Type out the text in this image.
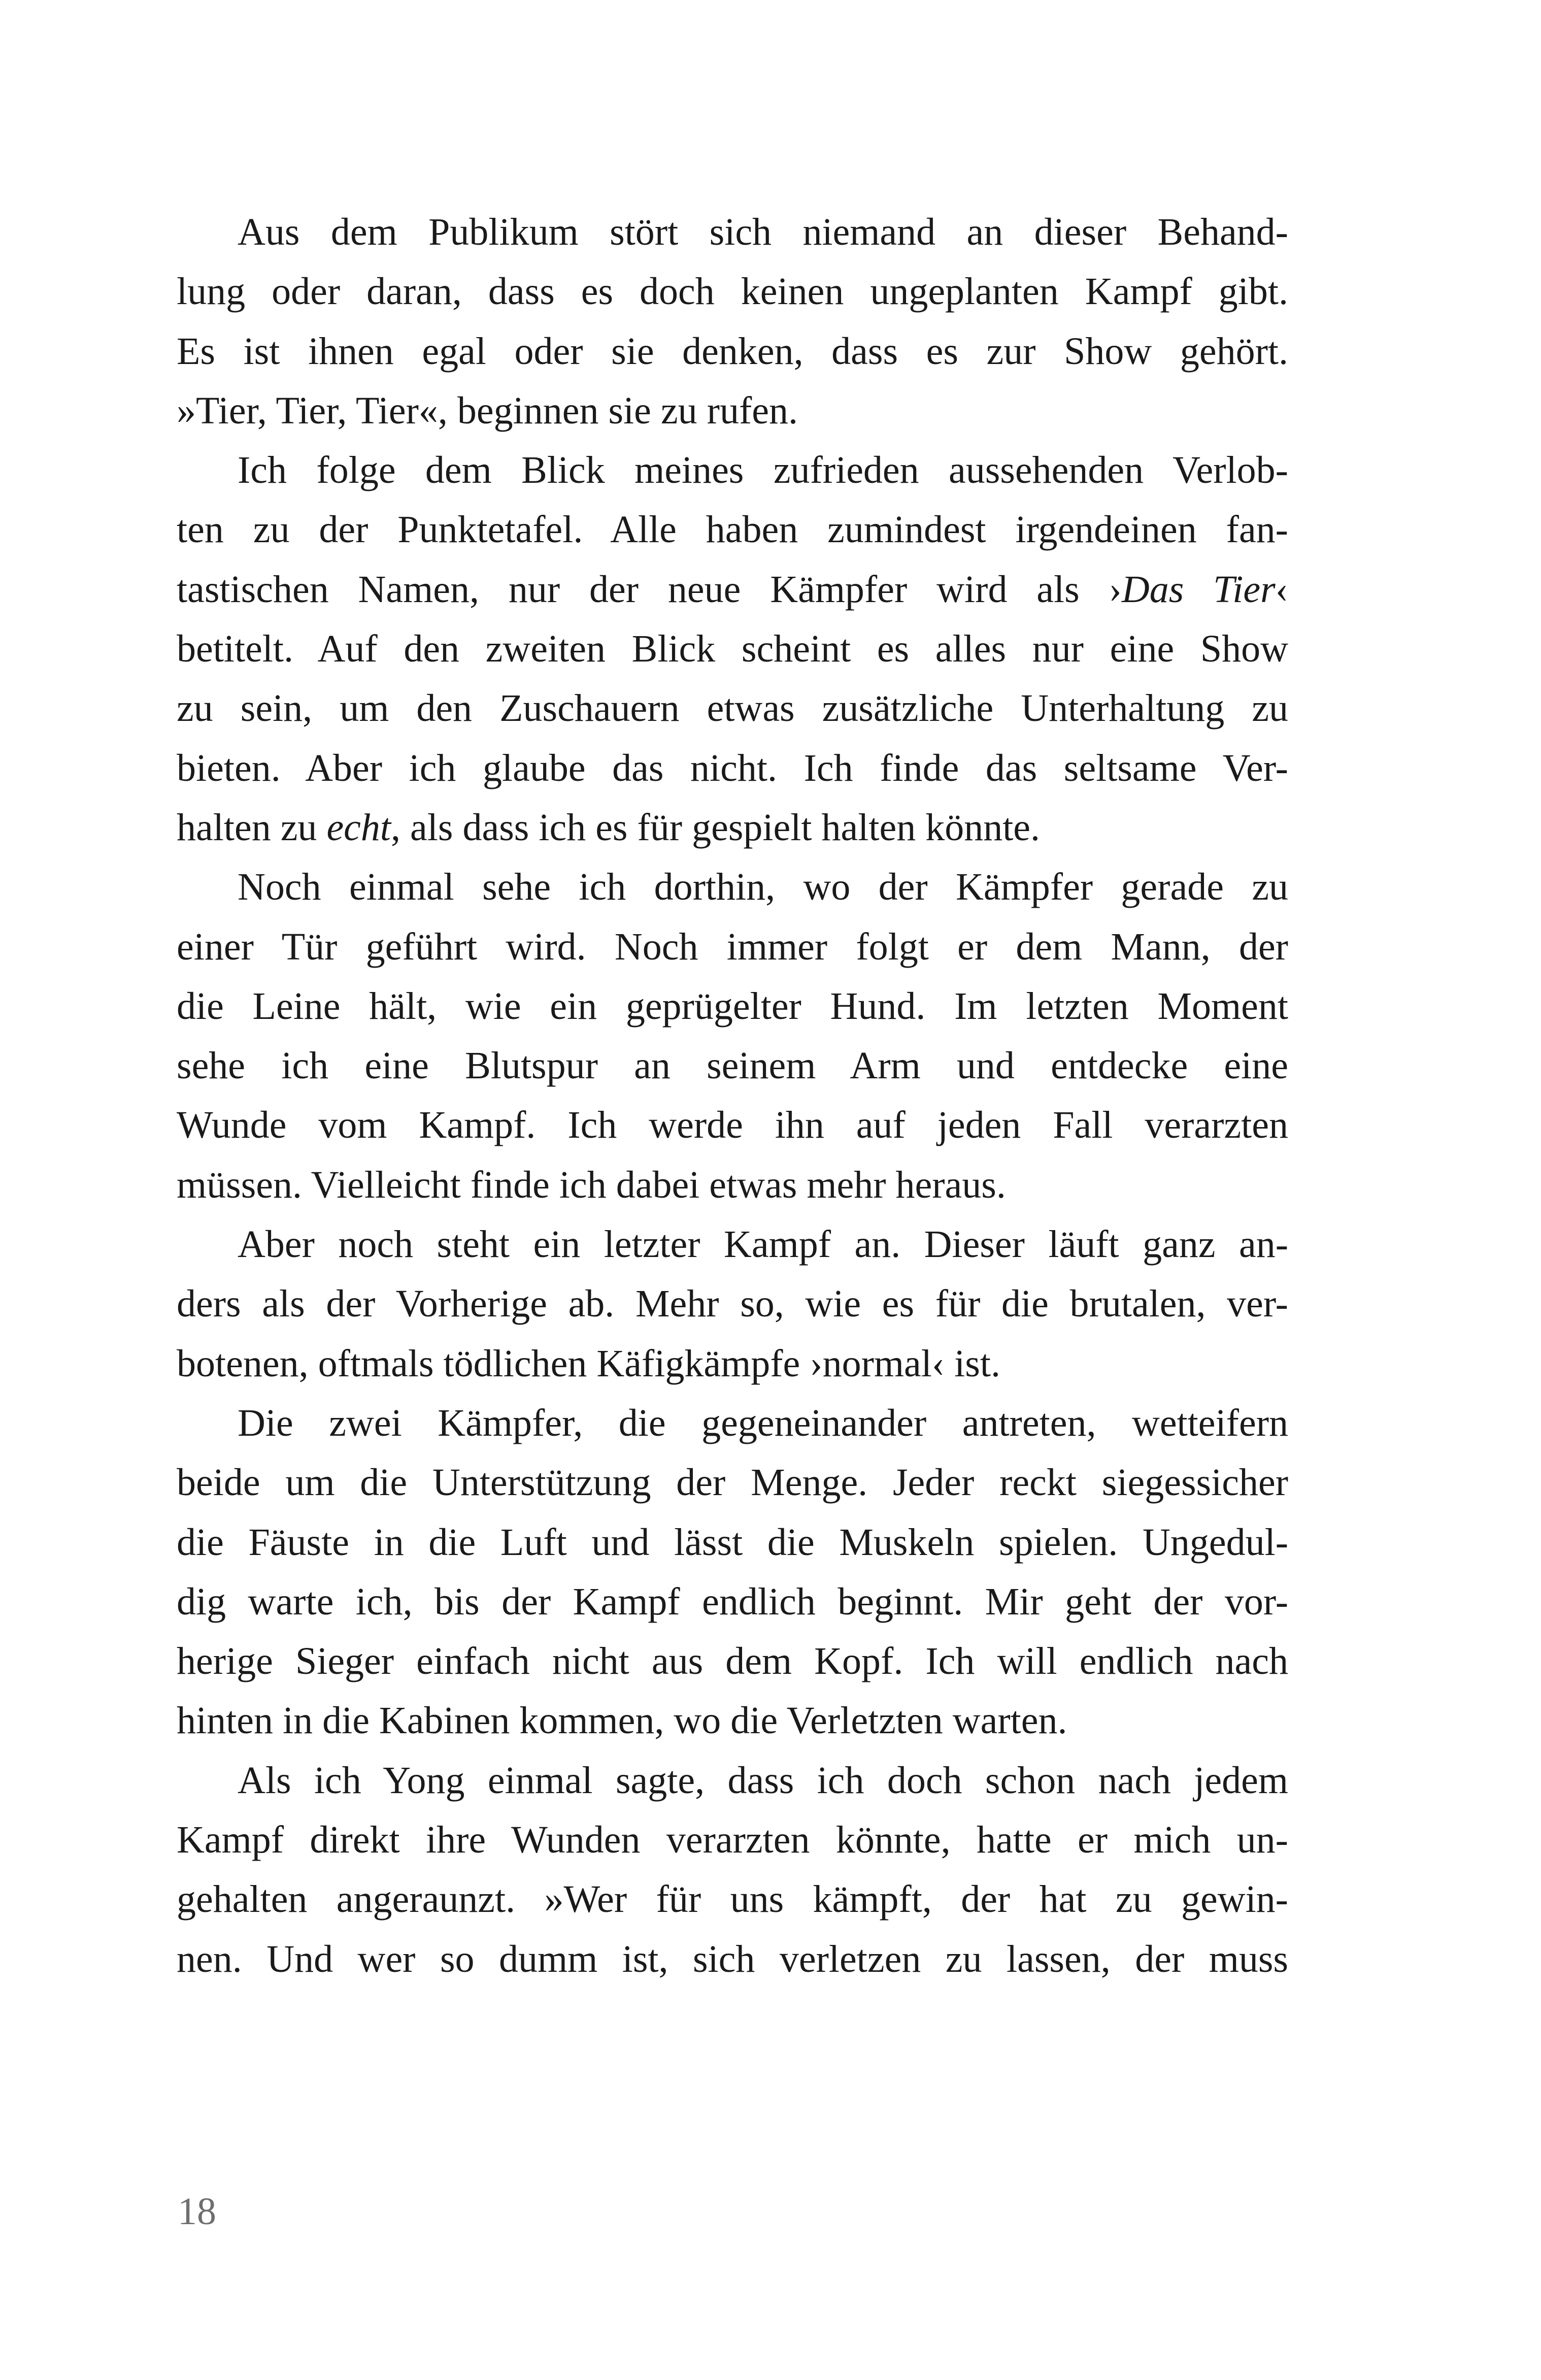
Aus dem Publikum stört sich niemand an dieser Behand-
lung oder daran, dass es doch keinen ungeplanten Kampf gibt.
Es ist ihnen egal oder sie denken, dass es zur Show gehört.
»Tier, Tier, Tier«, beginnen sie zu rufen.
Ich folge dem Blick meines zufrieden aussehenden Verlob-
ten zu der Punktetafel. Alle haben zumindest irgendeinen fan-
tastischen Namen, nur der neue Kämpfer wird als ›Das Tier‹
betitelt. Auf den zweiten Blick scheint es alles nur eine Show
zu sein, um den Zuschauern etwas zusätzliche Unterhaltung zu
bieten. Aber ich glaube das nicht. Ich finde das seltsame Ver-
halten zu echt, als dass ich es für gespielt halten könnte.
Noch einmal sehe ich dorthin, wo der Kämpfer gerade zu
einer Tür geführt wird. Noch immer folgt er dem Mann, der
die Leine hält, wie ein geprügelter Hund. Im letzten Moment
sehe ich eine Blutspur an seinem Arm und entdecke eine
Wunde vom Kampf. Ich werde ihn auf jeden Fall verarzten
müssen. Vielleicht finde ich dabei etwas mehr heraus.
Aber noch steht ein letzter Kampf an. Dieser läuft ganz an-
ders als der Vorherige ab. Mehr so, wie es für die brutalen, ver-
botenen, oftmals tödlichen Käfigkämpfe ›normal‹ ist.
Die zwei Kämpfer, die gegeneinander antreten, wetteifern
beide um die Unterstützung der Menge. Jeder reckt siegessicher
die Fäuste in die Luft und lässt die Muskeln spielen. Ungedul-
dig warte ich, bis der Kampf endlich beginnt. Mir geht der vor-
herige Sieger einfach nicht aus dem Kopf. Ich will endlich nach
hinten in die Kabinen kommen, wo die Verletzten warten.
Als ich Yong einmal sagte, dass ich doch schon nach jedem
Kampf direkt ihre Wunden verarzten könnte, hatte er mich un-
gehalten angeraunzt. »Wer für uns kämpft, der hat zu gewin-
nen. Und wer so dumm ist, sich verletzen zu lassen, der muss
18
